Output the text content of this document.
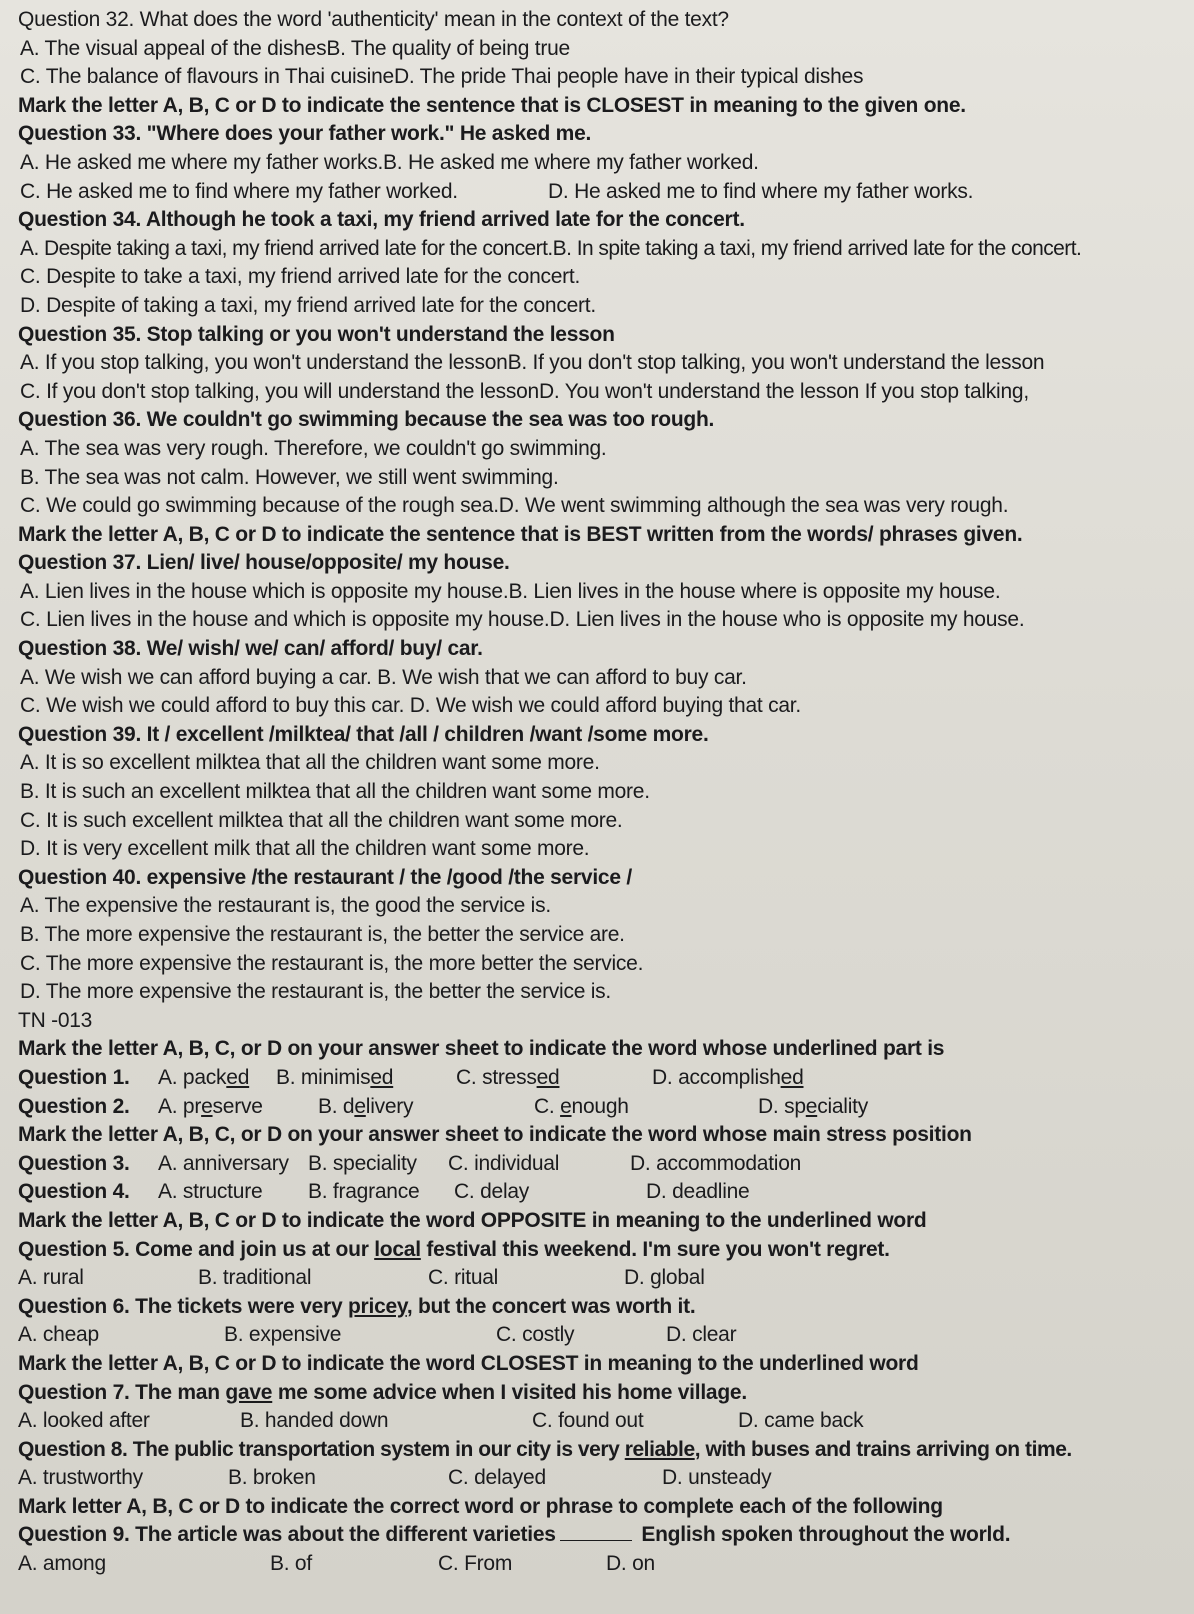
Question 32. What does the word 'authenticity' mean in the context of the text?
A. The visual appeal of the dishesB. The quality of being true
C. The balance of flavours in Thai cuisineD. The pride Thai people have in their typical dishes
Mark the letter A, B, C or D to indicate the sentence that is CLOSEST in meaning to the given one.
Question 33. "Where does your father work." He asked me.
A. He asked me where my father works.B. He asked me where my father worked.
C. He asked me to find where my father worked.	D. He asked me to find where my father works.
Question 34. Although he took a taxi, my friend arrived late for the concert.
A. Despite taking a taxi, my friend arrived late for the concert.B. In spite taking a taxi, my friend arrived late for the concert.
C. Despite to take a taxi, my friend arrived late for the concert.
D. Despite of taking a taxi, my friend arrived late for the concert.
Question 35. Stop talking or you won't understand the lesson
A. If you stop talking, you won't understand the lessonB. If you don't stop talking, you won't understand the lesson
C. If you don't stop talking, you will understand the lessonD. You won't understand the lesson If you stop talking,
Question 36. We couldn't go swimming because the sea was too rough.
A. The sea was very rough. Therefore, we couldn't go swimming.
B. The sea was not calm. However, we still went swimming.
C. We could go swimming because of the rough sea.D. We went swimming although the sea was very rough.
Mark the letter A, B, C or D to indicate the sentence that is BEST written from the words/ phrases given.
Question 37. Lien/ live/ house/opposite/ my house.
A. Lien lives in the house which is opposite my house.B. Lien lives in the house where is opposite my house.
C. Lien lives in the house and which is opposite my house.D. Lien lives in the house who is opposite my house.
Question 38. We/ wish/ we/ can/ afford/ buy/ car.
A. We wish we can afford buying a car. B. We wish that we can afford to buy car.
C. We wish we could afford to buy this car. D. We wish we could afford buying that car.
Question 39. It / excellent /milktea/ that /all / children /want /some more.
A. It is so excellent milktea that all the children want some more.
B. It is such an excellent milktea that all the children want some more.
C. It is such excellent milktea that all the children want some more.
D. It is very excellent milk that all the children want some more.
Question 40. expensive /the restaurant / the /good /the service /
A. The expensive the restaurant is, the good the service is.
B. The more expensive the restaurant is, the better the service are.
C. The more expensive the restaurant is, the more better the service.
D. The more expensive the restaurant is, the better the service is.
TN -013
Mark the letter A, B, C, or D on your answer sheet to indicate the word whose underlined part is
Question 1.	A. packed	B. minimised	C. stressed	D. accomplished
Question 2.	A. preserve	B. delivery	C. enough	D. speciality
Mark the letter A, B, C, or D on your answer sheet to indicate the word whose main stress position
Question 3.	A. anniversary B. speciality	C. individual	D. accommodation
Question 4.	A. structure	B. fragrance	C. delay	D. deadline
Mark the letter A, B, C or D to indicate the word OPPOSITE in meaning to the underlined word
Question 5. Come and join us at our local festival this weekend. I'm sure you won't regret.
A. rural	B. traditional	C. ritual	D. global
Question 6. The tickets were very pricey, but the concert was worth it.
A. cheap	B. expensive	C. costly	D. clear
Mark the letter A, B, C or D to indicate the word CLOSEST in meaning to the underlined word
Question 7. The man gave me some advice when I visited his home village.
A. looked after	B. handed down	C. found out	D. came back
Question 8. The public transportation system in our city is very reliable, with buses and trains arriving on time.
A. trustworthy	B. broken	C. delayed	D. unsteady
Mark letter A, B, C or D to indicate the correct word or phrase to complete each of the following
Question 9. The article was about the different varieties	English spoken throughout the world.
A. among	B. of	C. From	D. on
